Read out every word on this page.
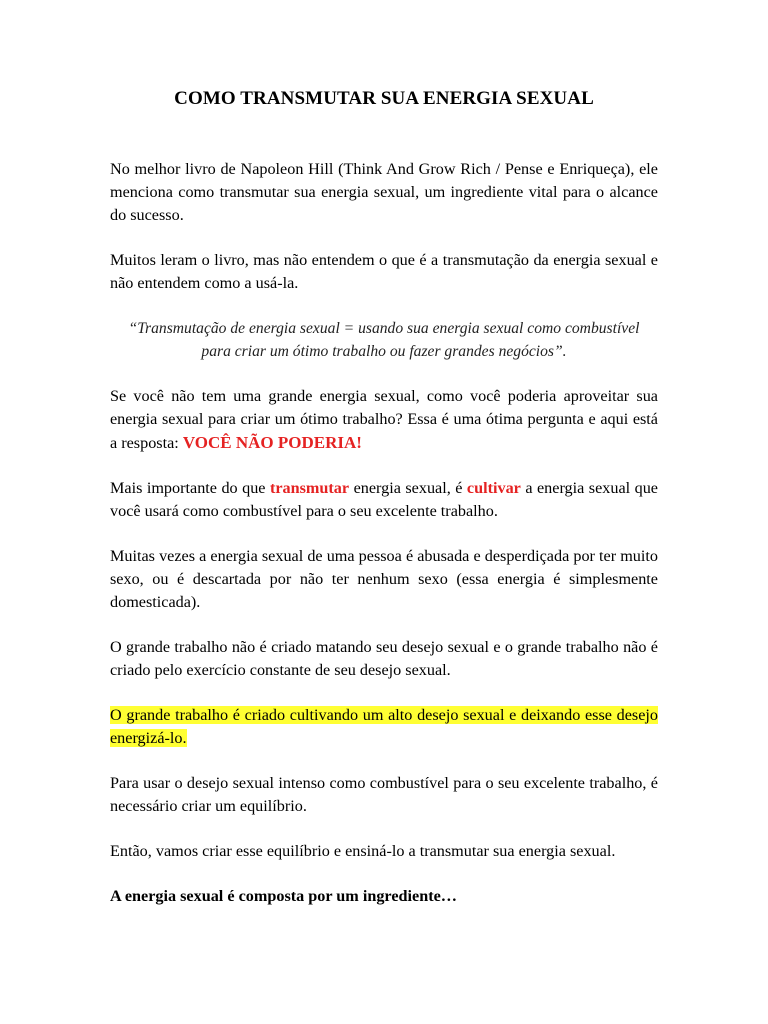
COMO TRANSMUTAR SUA ENERGIA SEXUAL

No melhor livro de Napoleon Hill (Think And Grow Rich / Pense e Enriqueça), ele menciona como transmutar sua energia sexual, um ingrediente vital para o alcance do sucesso.

Muitos leram o livro, mas não entendem o que é a transmutação da energia sexual e não entendem como a usá-la.

“Transmutação de energia sexual = usando sua energia sexual como combustível para criar um ótimo trabalho ou fazer grandes negócios”.

Se você não tem uma grande energia sexual, como você poderia aproveitar sua energia sexual para criar um ótimo trabalho? Essa é uma ótima pergunta e aqui está a resposta: VOCÊ NÃO PODERIA!

Mais importante do que transmutar energia sexual, é cultivar a energia sexual que você usará como combustível para o seu excelente trabalho.

Muitas vezes a energia sexual de uma pessoa é abusada e desperdiçada por ter muito sexo, ou é descartada por não ter nenhum sexo (essa energia é simplesmente domesticada).

O grande trabalho não é criado matando seu desejo sexual e o grande trabalho não é criado pelo exercício constante de seu desejo sexual.

O grande trabalho é criado cultivando um alto desejo sexual e deixando esse desejo energizá-lo.

Para usar o desejo sexual intenso como combustível para o seu excelente trabalho, é necessário criar um equilíbrio.

Então, vamos criar esse equilíbrio e ensiná-lo a transmutar sua energia sexual.

A energia sexual é composta por um ingrediente…
